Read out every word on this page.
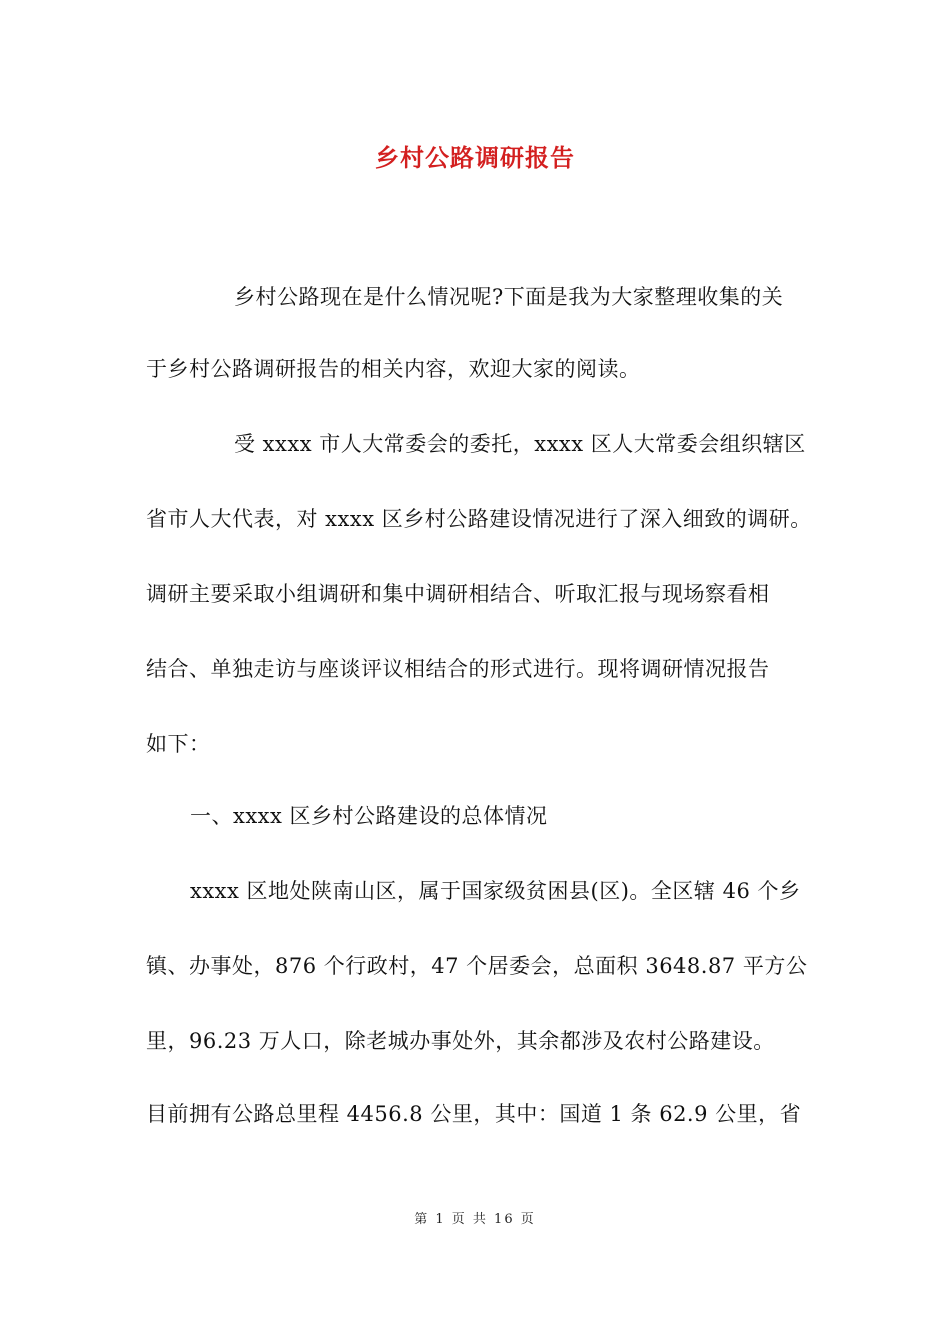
乡村公路调研报告
乡村公路现在是什么情况呢?下面是我为大家整理收集的关
于乡村公路调研报告的相关内容，欢迎大家的阅读。
受 xxxx 市人大常委会的委托，xxxx 区人大常委会组织辖区
省市人大代表，对 xxxx 区乡村公路建设情况进行了深入细致的调研。
调研主要采取小组调研和集中调研相结合、听取汇报与现场察看相
结合、单独走访与座谈评议相结合的形式进行。现将调研情况报告
如下：
一、xxxx 区乡村公路建设的总体情况
xxxx 区地处陕南山区，属于国家级贫困县(区)。全区辖 46 个乡
镇、办事处，876 个行政村，47 个居委会，总面积 3648.87 平方公
里，96.23 万人口，除老城办事处外，其余都涉及农村公路建设。
目前拥有公路总里程 4456.8 公里，其中：国道 1 条 62.9 公里，省
第 1 页 共 16 页
